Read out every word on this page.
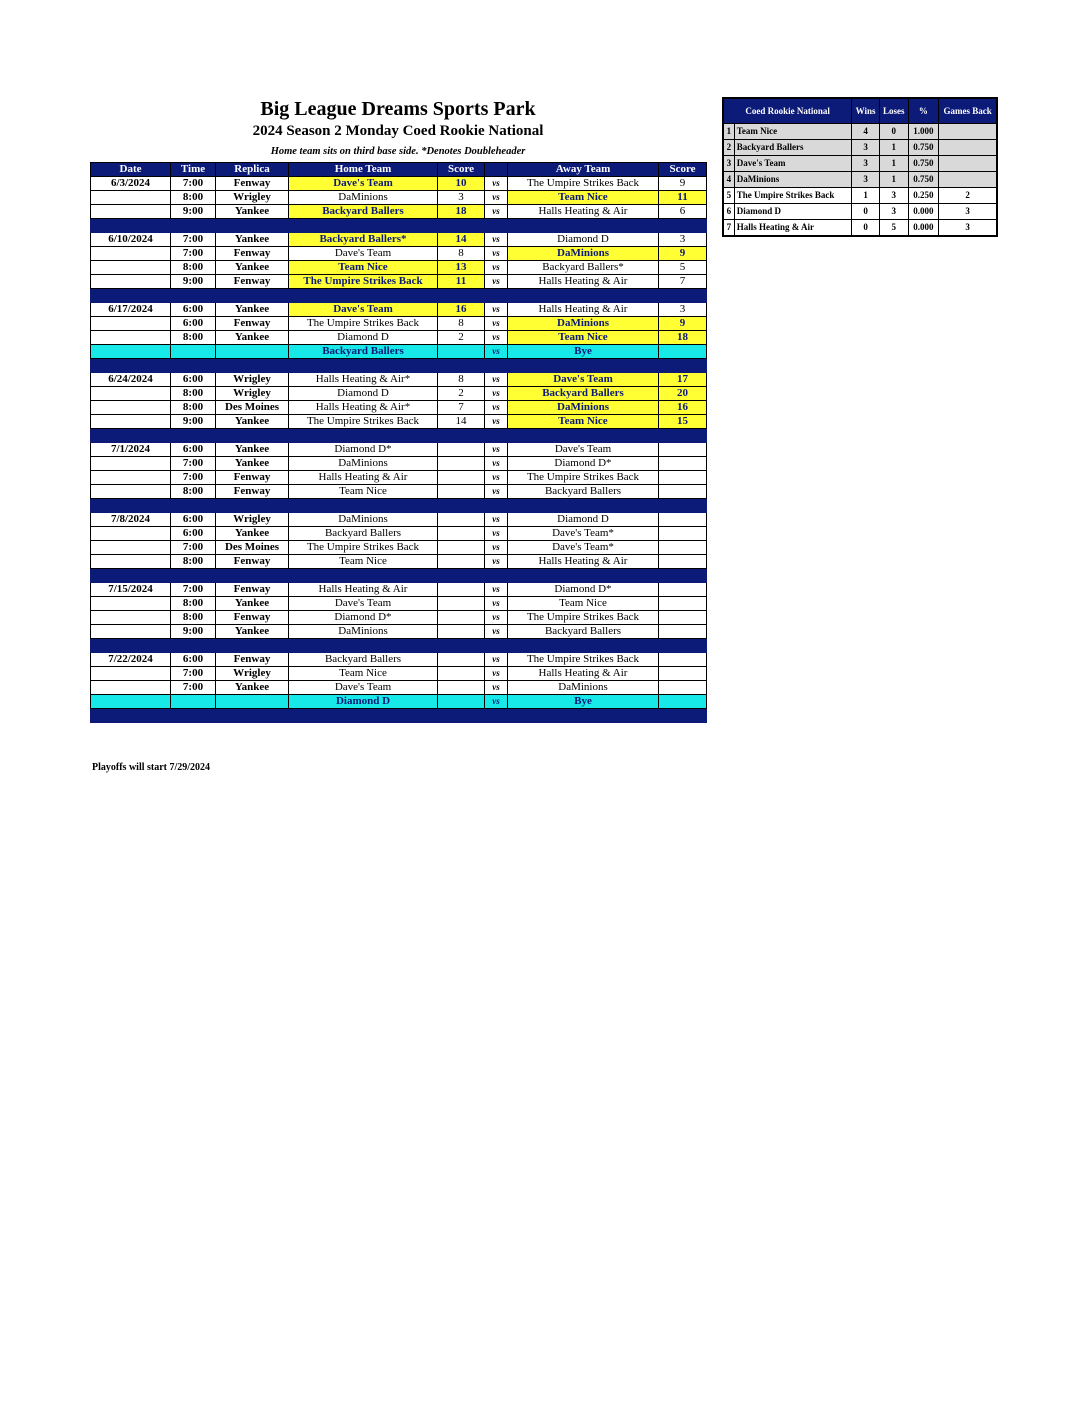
Big League Dreams Sports Park
2024 Season 2 Monday Coed Rookie National
Home team sits on third base side. *Denotes Doubleheader
Date	Time	Replica	Home Team	Score		Away Team	Score
6/3/2024	7:00	Fenway	Dave's Team	10	vs	The Umpire Strikes Back	9
	8:00	Wrigley	DaMinions	3	vs	Team Nice	11
	9:00	Yankee	Backyard Ballers	18	vs	Halls Heating & Air	6

6/10/2024	7:00	Yankee	Backyard Ballers*	14	vs	Diamond D	3
	7:00	Fenway	Dave's Team	8	vs	DaMinions	9
	8:00	Yankee	Team Nice	13	vs	Backyard Ballers*	5
	9:00	Fenway	The Umpire Strikes Back	11	vs	Halls Heating & Air	7

6/17/2024	6:00	Yankee	Dave's Team	16	vs	Halls Heating & Air	3
	6:00	Fenway	The Umpire Strikes Back	8	vs	DaMinions	9
	8:00	Yankee	Diamond D	2	vs	Team Nice	18
			Backyard Ballers		vs	Bye	

6/24/2024	6:00	Wrigley	Halls Heating & Air*	8	vs	Dave's Team	17
	8:00	Wrigley	Diamond D	2	vs	Backyard Ballers	20
	8:00	Des Moines	Halls Heating & Air*	7	vs	DaMinions	16
	9:00	Yankee	The Umpire Strikes Back	14	vs	Team Nice	15

7/1/2024	6:00	Yankee	Diamond D*		vs	Dave's Team	
	7:00	Yankee	DaMinions		vs	Diamond D*	
	7:00	Fenway	Halls Heating & Air		vs	The Umpire Strikes Back	
	8:00	Fenway	Team Nice		vs	Backyard Ballers	

7/8/2024	6:00	Wrigley	DaMinions		vs	Diamond D	
	6:00	Yankee	Backyard Ballers		vs	Dave's Team*	
	7:00	Des Moines	The Umpire Strikes Back		vs	Dave's Team*	
	8:00	Fenway	Team Nice		vs	Halls Heating & Air	

7/15/2024	7:00	Fenway	Halls Heating & Air		vs	Diamond D*	
	8:00	Yankee	Dave's Team		vs	Team Nice	
	8:00	Fenway	Diamond D*		vs	The Umpire Strikes Back	
	9:00	Yankee	DaMinions		vs	Backyard Ballers	

7/22/2024	6:00	Fenway	Backyard Ballers		vs	The Umpire Strikes Back	
	7:00	Wrigley	Team Nice		vs	Halls Heating & Air	
	7:00	Yankee	Dave's Team		vs	DaMinions	
			Diamond D		vs	Bye	

Playoffs will start 7/29/2024
Coed Rookie National		Wins	Loses	%	Games Back
1	Team Nice	4	0	1.000	
2	Backyard Ballers	3	1	0.750	
3	Dave's Team	3	1	0.750	
4	DaMinions	3	1	0.750	
5	The Umpire Strikes Back	1	3	0.250	2
6	Diamond D	0	3	0.000	3
7	Halls Heating & Air	0	5	0.000	3
